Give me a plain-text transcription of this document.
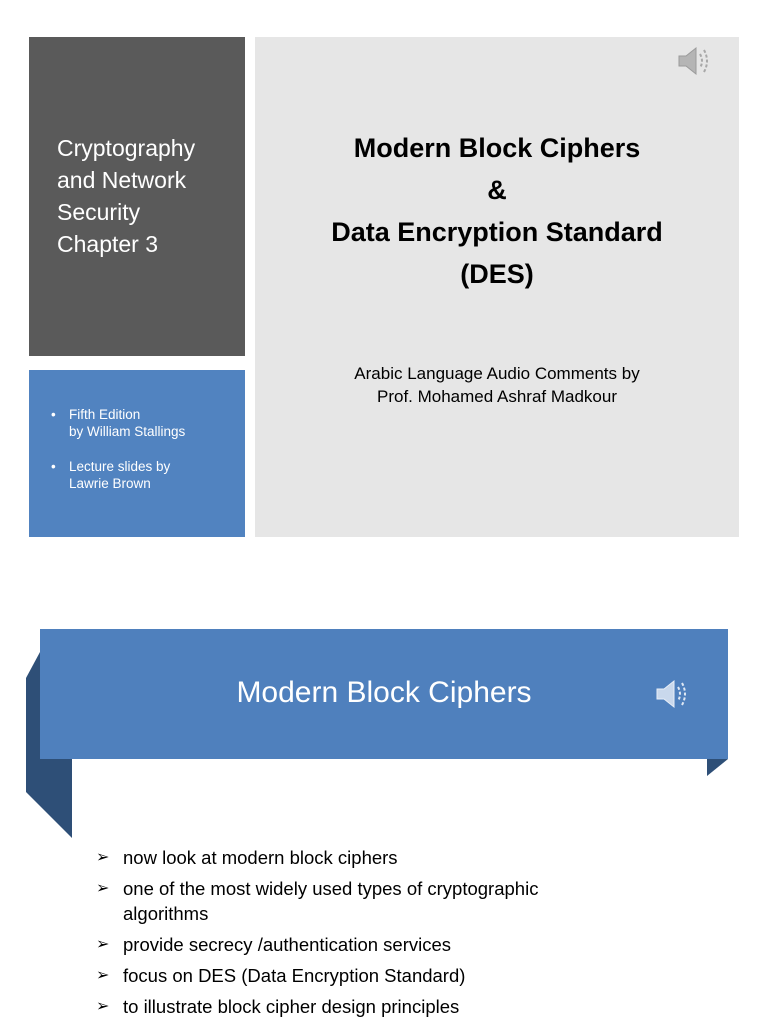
Cryptography
and Network
Security
Chapter 3
• Fifth Edition
by William Stallings
• Lecture slides by
Lawrie Brown
Modern Block Ciphers
&
Data Encryption Standard
(DES)
Arabic Language Audio Comments by
Prof. Mohamed Ashraf Madkour
Modern Block Ciphers
➢ now look at modern block ciphers
➢ one of the most widely used types of cryptographic
algorithms
➢ provide secrecy /authentication services
➢ focus on DES (Data Encryption Standard)
➢ to illustrate block cipher design principles
